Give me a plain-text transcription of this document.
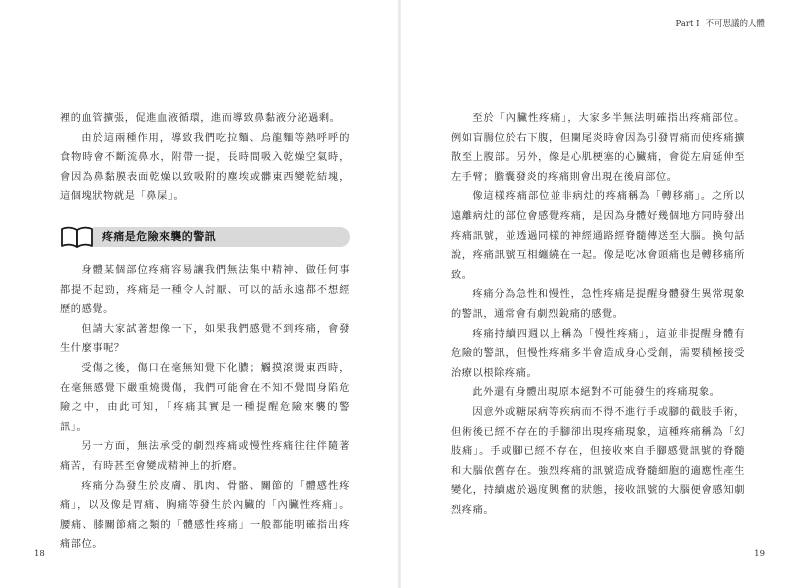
裡的血管擴張，促進血液循環，進而導致鼻黏液分泌過剩。

由於這兩種作用，導致我們吃拉麵、烏龍麵等熱呼呼的食物時會不斷流鼻水，附帶一提，長時間吸入乾燥空氣時，會因為鼻黏膜表面乾燥以致吸附的塵埃或髒東西變乾結塊，這個塊狀物就是「鼻屎」。

疼痛是危險來襲的警訊

身體某個部位疼痛容易讓我們無法集中精神、做任何事都提不起勁，疼痛是一種令人討厭、可以的話永遠都不想經歷的感覺。

但請大家試著想像一下，如果我們感覺不到疼痛，會發生什麼事呢？

受傷之後，傷口在毫無知覺下化膿；觸摸滾燙東西時，在毫無感覺下嚴重燒燙傷，我們可能會在不知不覺間身陷危險之中，由此可知，「疼痛其實是一種提醒危險來襲的警訊」。

另一方面，無法承受的劇烈疼痛或慢性疼痛往往伴隨著痛苦，有時甚至會變成精神上的折磨。

疼痛分為發生於皮膚、肌肉、骨骼、關節的「體感性疼痛」，以及像是胃痛、胸痛等發生於內臟的「內臟性疼痛」。腰痛、膝關節痛之類的「體感性疼痛」一般都能明確指出疼痛部位。

18
Part I 不可思議的人體

至於「內臟性疼痛」，大家多半無法明確指出疼痛部位。例如盲腸位於右下腹，但闌尾炎時會因為引發胃痛而使疼痛擴散至上腹部。另外，像是心肌梗塞的心臟痛，會從左肩延伸至左手臂；膽囊發炎的疼痛則會出現在後肩部位。

像這樣疼痛部位並非病灶的疼痛稱為「轉移痛」。之所以遠離病灶的部位會感覺疼痛，是因為身體好幾個地方同時發出疼痛訊號，並透過同樣的神經通路經脊髓傳送至大腦。換句話說，疼痛訊號互相纏繞在一起。像是吃冰會頭痛也是轉移痛所致。

疼痛分為急性和慢性，急性疼痛是提醒身體發生異常現象的警訊，通常會有劇烈銳痛的感覺。

疼痛持續四週以上稱為「慢性疼痛」，這並非提醒身體有危險的警訊，但慢性疼痛多半會造成身心受創，需要積極接受治療以根除疼痛。

此外還有身體出現原本絕對不可能發生的疼痛現象。

因意外或糖尿病等疾病而不得不進行手或腳的截肢手術，但術後已經不存在的手腳卻出現疼痛現象，這種疼痛稱為「幻肢痛」。手或腳已經不存在，但接收來自手腳感覺訊號的脊髓和大腦依舊存在。強烈疼痛的訊號造成脊髓細胞的適應性產生變化，持續處於過度興奮的狀態，接收訊號的大腦便會感知劇烈疼痛。

19
